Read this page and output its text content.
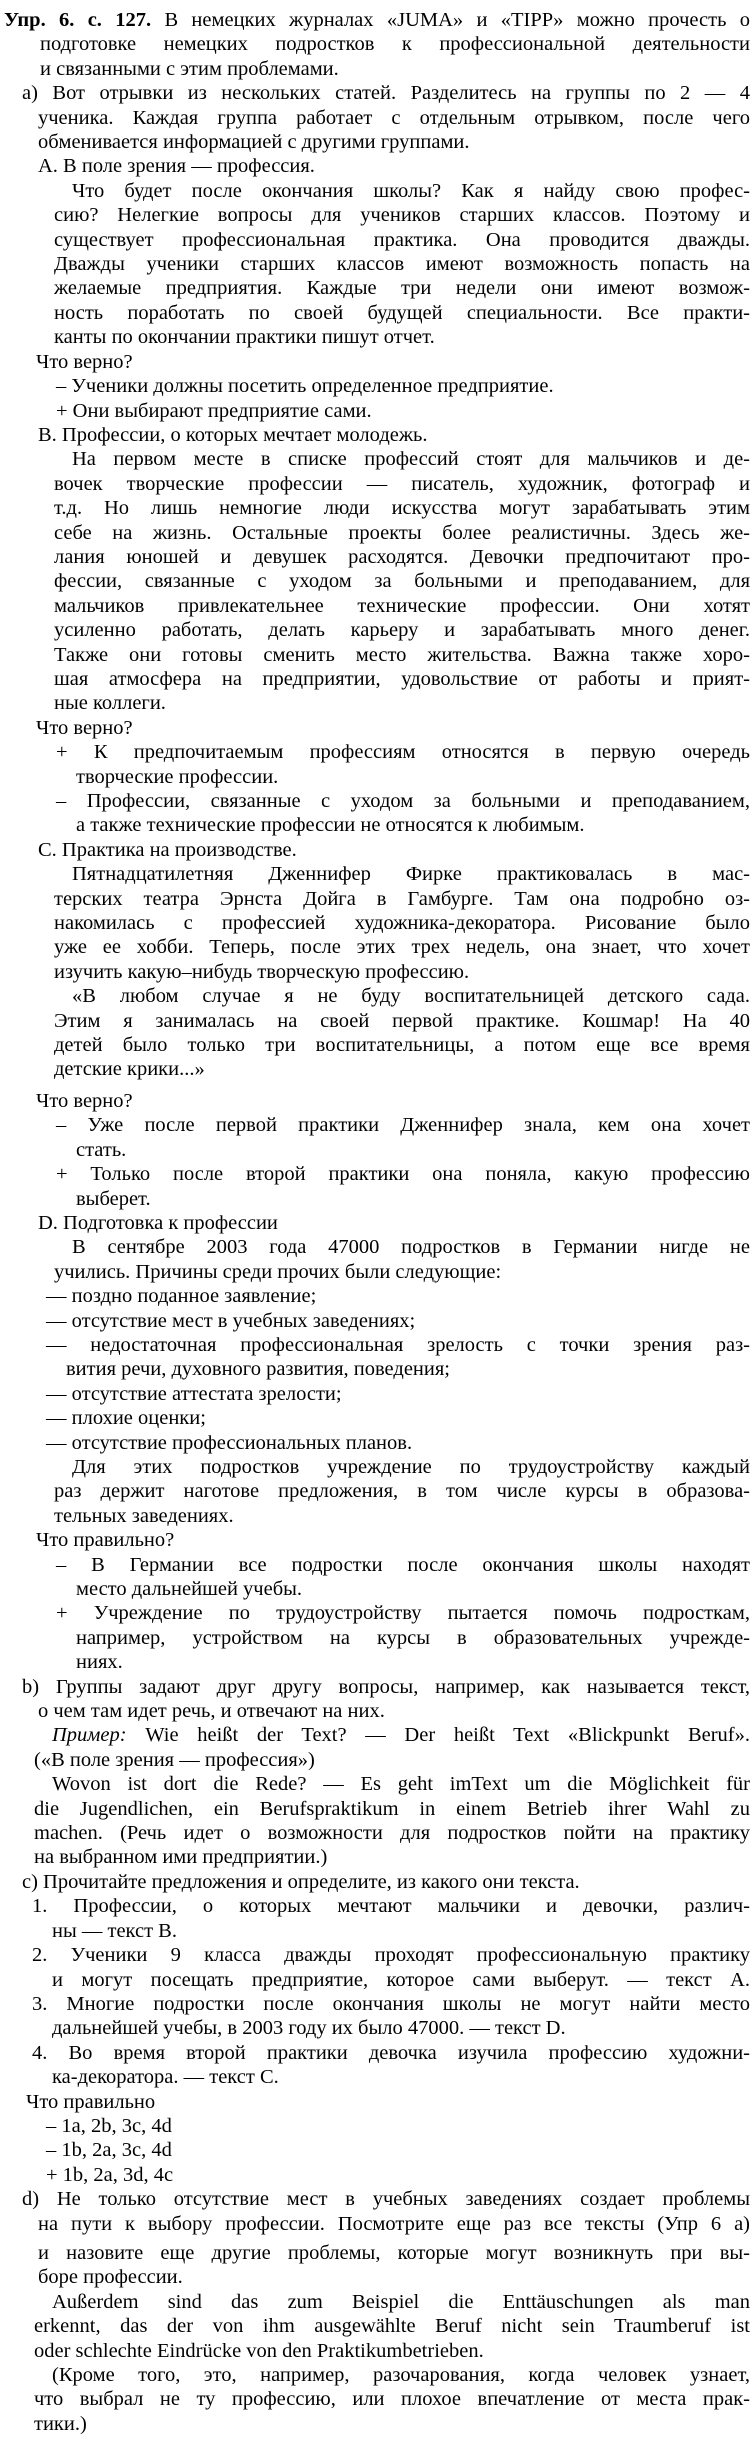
Упр. 6. с. 127. В немецких журналах «JUMA» и «TIPP» можно прочесть о
подготовке немецких подростков к профессиональной деятельности
и связанными с этим проблемами.
a) Вот отрывки из нескольких статей. Разделитесь на группы по 2 — 4
ученика. Каждая группа работает с отдельным отрывком, после чего
обменивается информацией с другими группами.
А. В поле зрения — профессия.
Что будет после окончания школы? Как я найду свою профес-
сию? Нелегкие вопросы для учеников старших классов. Поэтому и
существует профессиональная практика. Она проводится дважды.
Дважды ученики старших классов имеют возможность попасть на
желаемые предприятия. Каждые три недели они имеют возмож-
ность поработать по своей будущей специальности. Все практи-
канты по окончании практики пишут отчет.
Что верно?
– Ученики должны посетить определенное предприятие.
+ Они выбирают предприятие сами.
В. Профессии, о которых мечтает молодежь.
На первом месте в списке профессий стоят для мальчиков и де-
вочек творческие профессии — писатель, художник, фотограф и
т.д. Но лишь немногие люди искусства могут зарабатывать этим
себе на жизнь. Остальные проекты более реалистичны. Здесь же-
лания юношей и девушек расходятся. Девочки предпочитают про-
фессии, связанные с уходом за больными и преподаванием, для
мальчиков привлекательнее технические профессии. Они хотят
усиленно работать, делать карьеру и зарабатывать много денег.
Также они готовы сменить место жительства. Важна также хоро-
шая атмосфера на предприятии, удовольствие от работы и прият-
ные коллеги.
Что верно?
+ К предпочитаемым профессиям относятся в первую очередь
творческие профессии.
– Профессии, связанные с уходом за больными и преподаванием,
а также технические профессии не относятся к любимым.
С. Практика на производстве.
Пятнадцатилетняя Дженнифер Фирке практиковалась в мас-
терских театра Эрнста Дойга в Гамбурге. Там она подробно оз-
накомилась с профессией художника-декоратора. Рисование было
уже ее хобби. Теперь, после этих трех недель, она знает, что хочет
изучить какую–нибудь творческую профессию.
«В любом случае я не буду воспитательницей детского сада.
Этим я занималась на своей первой практике. Кошмар! На 40
детей было только три воспитательницы, а потом еще все время
детские крики...»
Что верно?
– Уже после первой практики Дженнифер знала, кем она хочет
стать.
+ Только после второй практики она поняла, какую профессию
выберет.
D. Подготовка к профессии
В сентябре 2003 года 47000 подростков в Германии нигде не
учились. Причины среди прочих были следующие:
— поздно поданное заявление;
— отсутствие мест в учебных заведениях;
— недостаточная профессиональная зрелость с точки зрения раз-
вития речи, духовного развития, поведения;
— отсутствие аттестата зрелости;
— плохие оценки;
— отсутствие профессиональных планов.
Для этих подростков учреждение по трудоустройству каждый
раз держит наготове предложения, в том числе курсы в образова-
тельных заведениях.
Что правильно?
– В Германии все подростки после окончания школы находят
место дальнейшей учебы.
+ Учреждение по трудоустройству пытается помочь подросткам,
например, устройством на курсы в образовательных учрежде-
ниях.
b) Группы задают друг другу вопросы, например, как называется текст,
о чем там идет речь, и отвечают на них.
Пример: Wie heißt der Text? — Der heißt Text «Blickpunkt Beruf».
(«В поле зрения — профессия»)
Wovon ist dort die Rede? — Es geht imText um die Möglichkeit für
die Jugendlichen, ein Berufspraktikum in einem Betrieb ihrer Wahl zu
machen. (Речь идет о возможности для подростков пойти на практику
на выбранном ими предприятии.)
c) Прочитайте предложения и определите, из какого они текста.
1. Профессии, о которых мечтают мальчики и девочки, различ-
ны — текст В.
2. Ученики 9 класса дважды проходят профессиональную практику
и могут посещать предприятие, которое сами выберут. — текст А.
3. Многие подростки после окончания школы не могут найти место
дальнейшей учебы, в 2003 году их было 47000. — текст D.
4. Во время второй практики девочка изучила профессию художни-
ка-декоратора. — текст С.
Что правильно
– 1a, 2b, 3c, 4d
– 1b, 2a, 3c, 4d
+ 1b, 2a, 3d, 4c
d) Не только отсутствие мест в учебных заведениях создает проблемы
на пути к выбору профессии. Посмотрите еще раз все тексты (Упр 6 а)
и назовите еще другие проблемы, которые могут возникнуть при вы-
боре профессии.
Außerdem sind das zum Beispiel die Enttäuschungen als man
erkennt, das der von ihm ausgewählte Beruf nicht sein Traumberuf ist
oder schlechte Eindrücke von den Praktikumbetrieben.
(Кроме того, это, например, разочарования, когда человек узнает,
что выбрал не ту профессию, или плохое впечатление от места прак-
тики.)
